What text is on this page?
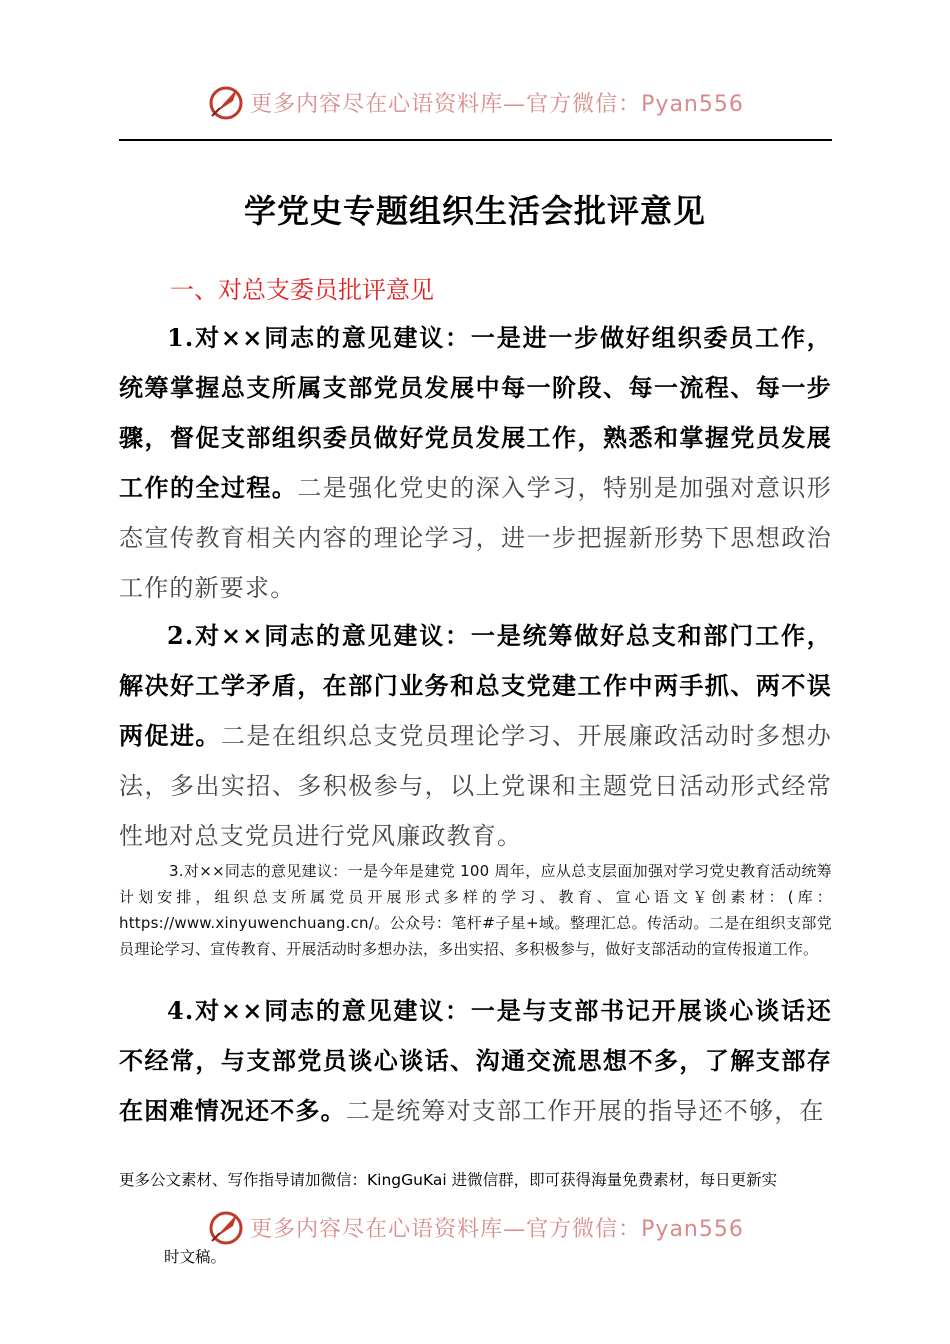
更多内容尽在心语资料库—官方微信：Pyan556
学党史专题组织生活会批评意见
一、对总支委员批评意见
1.对××同志的意见建议：一是进一步做好组织委员工作，统筹掌握总支所属支部党员发展中每一阶段、每一流程、每一步骤，督促支部组织委员做好党员发展工作，熟悉和掌握党员发展工作的全过程。二是强化党史的深入学习，特别是加强对意识形态宣传教育相关内容的理论学习，进一步把握新形势下思想政治工作的新要求。
2.对××同志的意见建议：一是统筹做好总支和部门工作，解决好工学矛盾，在部门业务和总支党建工作中两手抓、两不误两促进。二是在组织总支党员理论学习、开展廉政活动时多想办法，多出实招、多积极参与，以上党课和主题党日活动形式经常性地对总支党员进行党风廉政教育。
3.对××同志的意见建议：一是今年是建党 100 周年，应从总支层面加强对学习党史教育活动统筹计划安排，组织总支所属党员开展形式多样的学习、教育、宣心语文￥创素材：(库：https://www.xinyuwenchuang.cn/。公众号：笔杆#子星+域。整理汇总。传活动。二是在组织支部党员理论学习、宣传教育、开展活动时多想办法，多出实招、多积极参与，做好支部活动的宣传报道工作。
4.对××同志的意见建议：一是与支部书记开展谈心谈话还不经常，与支部党员谈心谈话、沟通交流思想不多，了解支部存在困难情况还不多。二是统筹对支部工作开展的指导还不够，在
更多公文素材、写作指导请加微信：KingGuKai 进微信群，即可获得海量免费素材，每日更新实
更多内容尽在心语资料库—官方微信：Pyan556
时文稿。
